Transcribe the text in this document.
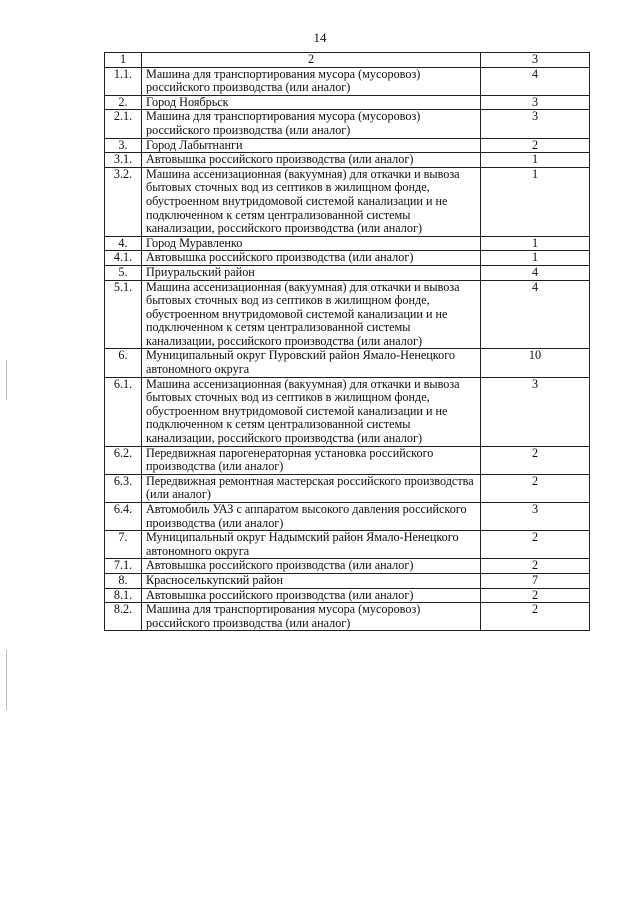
14
1	2	3
1.1.	Машина для транспортирования мусора (мусоровоз) российского производства (или аналог)	4
2.	Город Ноябрьск	3
2.1.	Машина для транспортирования мусора (мусоровоз) российского производства (или аналог)	3
3.	Город Лабытнанги	2
3.1.	Автовышка российского производства (или аналог)	1
3.2.	Машина ассенизационная (вакуумная) для откачки и вывоза бытовых сточных вод из септиков в жилищном фонде, обустроенном внутридомовой системой канализации и не подключенном к сетям централизованной системы канализации, российского производства (или аналог)	1
4.	Город Муравленко	1
4.1.	Автовышка российского производства (или аналог)	1
5.	Приуральский район	4
5.1.	Машина ассенизационная (вакуумная) для откачки и вывоза бытовых сточных вод из септиков в жилищном фонде, обустроенном внутридомовой системой канализации и не подключенном к сетям централизованной системы канализации, российского производства (или аналог)	4
6.	Муниципальный округ Пуровский район Ямало-Ненецкого автономного округа	10
6.1.	Машина ассенизационная (вакуумная) для откачки и вывоза бытовых сточных вод из септиков в жилищном фонде, обустроенном внутридомовой системой канализации и не подключенном к сетям централизованной системы канализации, российского производства (или аналог)	3
6.2.	Передвижная парогенераторная установка российского производства (или аналог)	2
6.3.	Передвижная ремонтная мастерская российского производства (или аналог)	2
6.4.	Автомобиль УАЗ с аппаратом высокого давления российского производства (или аналог)	3
7.	Муниципальный округ Надымский район Ямало-Ненецкого автономного округа	2
7.1.	Автовышка российского производства (или аналог)	2
8.	Красноселькупский район	7
8.1.	Автовышка российского производства (или аналог)	2
8.2.	Машина для транспортирования мусора (мусоровоз) российского производства (или аналог)	2
